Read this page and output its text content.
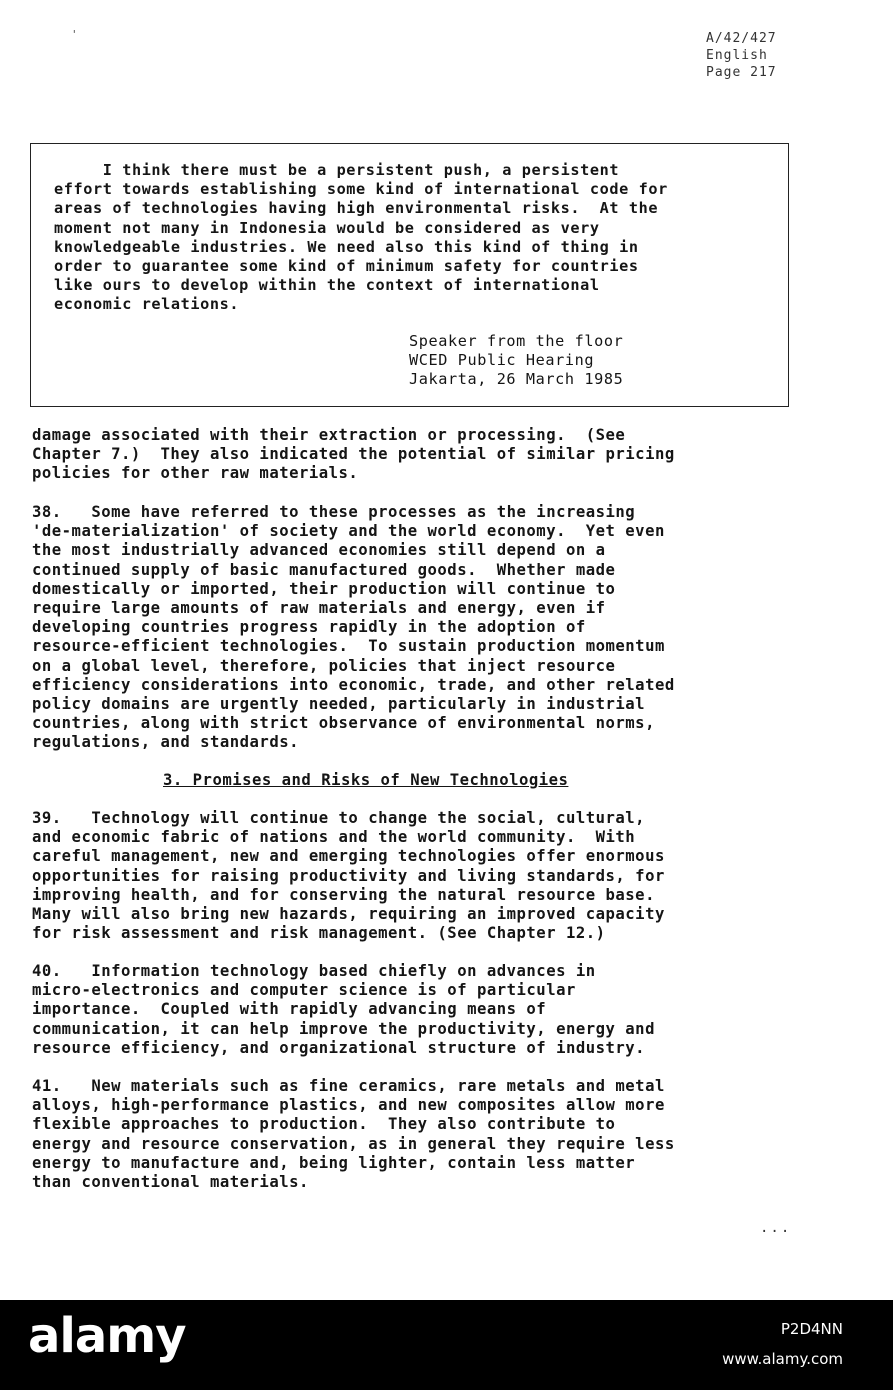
'	A/42/427
English
Page 217
I think there must be a persistent push, a persistent
effort towards establishing some kind of international code for
areas of technologies having high environmental risks.  At the
moment not many in Indonesia would be considered as very
knowledgeable industries. We need also this kind of thing in
order to guarantee some kind of minimum safety for countries
like ours to develop within the context of international
economic relations.
Speaker from the floor
WCED Public Hearing
Jakarta, 26 March 1985
damage associated with their extraction or processing.  (See
Chapter 7.)  They also indicated the potential of similar pricing
policies for other raw materials.
38.   Some have referred to these processes as the increasing
'de-materialization' of society and the world economy.  Yet even
the most industrially advanced economies still depend on a
continued supply of basic manufactured goods.  Whether made
domestically or imported, their production will continue to
require large amounts of raw materials and energy, even if
developing countries progress rapidly in the adoption of
resource-efficient technologies.  To sustain production momentum
on a global level, therefore, policies that inject resource
efficiency considerations into economic, trade, and other related
policy domains are urgently needed, particularly in industrial
countries, along with strict observance of environmental norms,
regulations, and standards.
3. Promises and Risks of New Technologies
39.   Technology will continue to change the social, cultural,
and economic fabric of nations and the world community.  With
careful management, new and emerging technologies offer enormous
opportunities for raising productivity and living standards, for
improving health, and for conserving the natural resource base.
Many will also bring new hazards, requiring an improved capacity
for risk assessment and risk management. (See Chapter 12.)
40.   Information technology based chiefly on advances in
micro-electronics and computer science is of particular
importance.  Coupled with rapidly advancing means of
communication, it can help improve the productivity, energy and
resource efficiency, and organizational structure of industry.
41.   New materials such as fine ceramics, rare metals and metal
alloys, high-performance plastics, and new composites allow more
flexible approaches to production.  They also contribute to
energy and resource conservation, as in general they require less
energy to manufacture and, being lighter, contain less matter
than conventional materials.
...
alamy	P2D4NN
www.alamy.com
